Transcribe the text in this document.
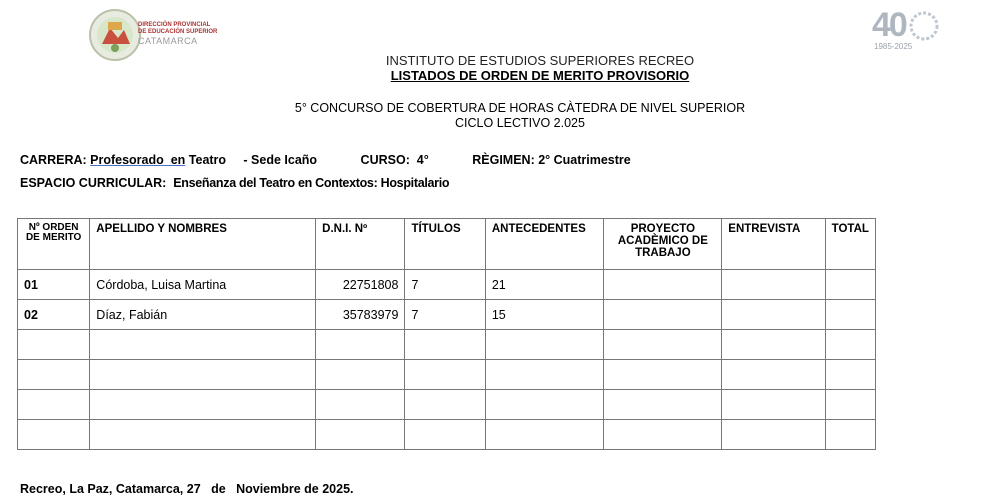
DIRECCIÓN PROVINCIAL
DE EDUCACIÓN SUPERIOR
CATAMARCA	40
1985-2025
INSTITUTO DE ESTUDIOS SUPERIORES RECREO
LISTADOS DE ORDEN DE MERITO PROVISORIO
5° CONCURSO DE COBERTURA DE HORAS CÀTEDRA DE NIVEL SUPERIOR
CICLO LECTIVO 2.025
CARRERA: Profesorado  en Teatro     - Sede Icaño	CURSO:  4°	RÈGIMEN: 2° Cuatrimestre
ESPACIO CURRICULAR:  Enseñanza del Teatro en Contextos: Hospitalario
Nº ORDEN DE MERITO	APELLIDO Y NOMBRES	D.N.I. Nº	TÍTULOS	ANTECEDENTES	PROYECTO ACADÈMICO DE TRABAJO	ENTREVISTA	TOTAL
01	Córdoba, Luisa Martina	22751808	7	21			
02	Díaz, Fabián	35783979	7	15			

Recreo, La Paz, Catamarca, 27   de   Noviembre de 2025.
